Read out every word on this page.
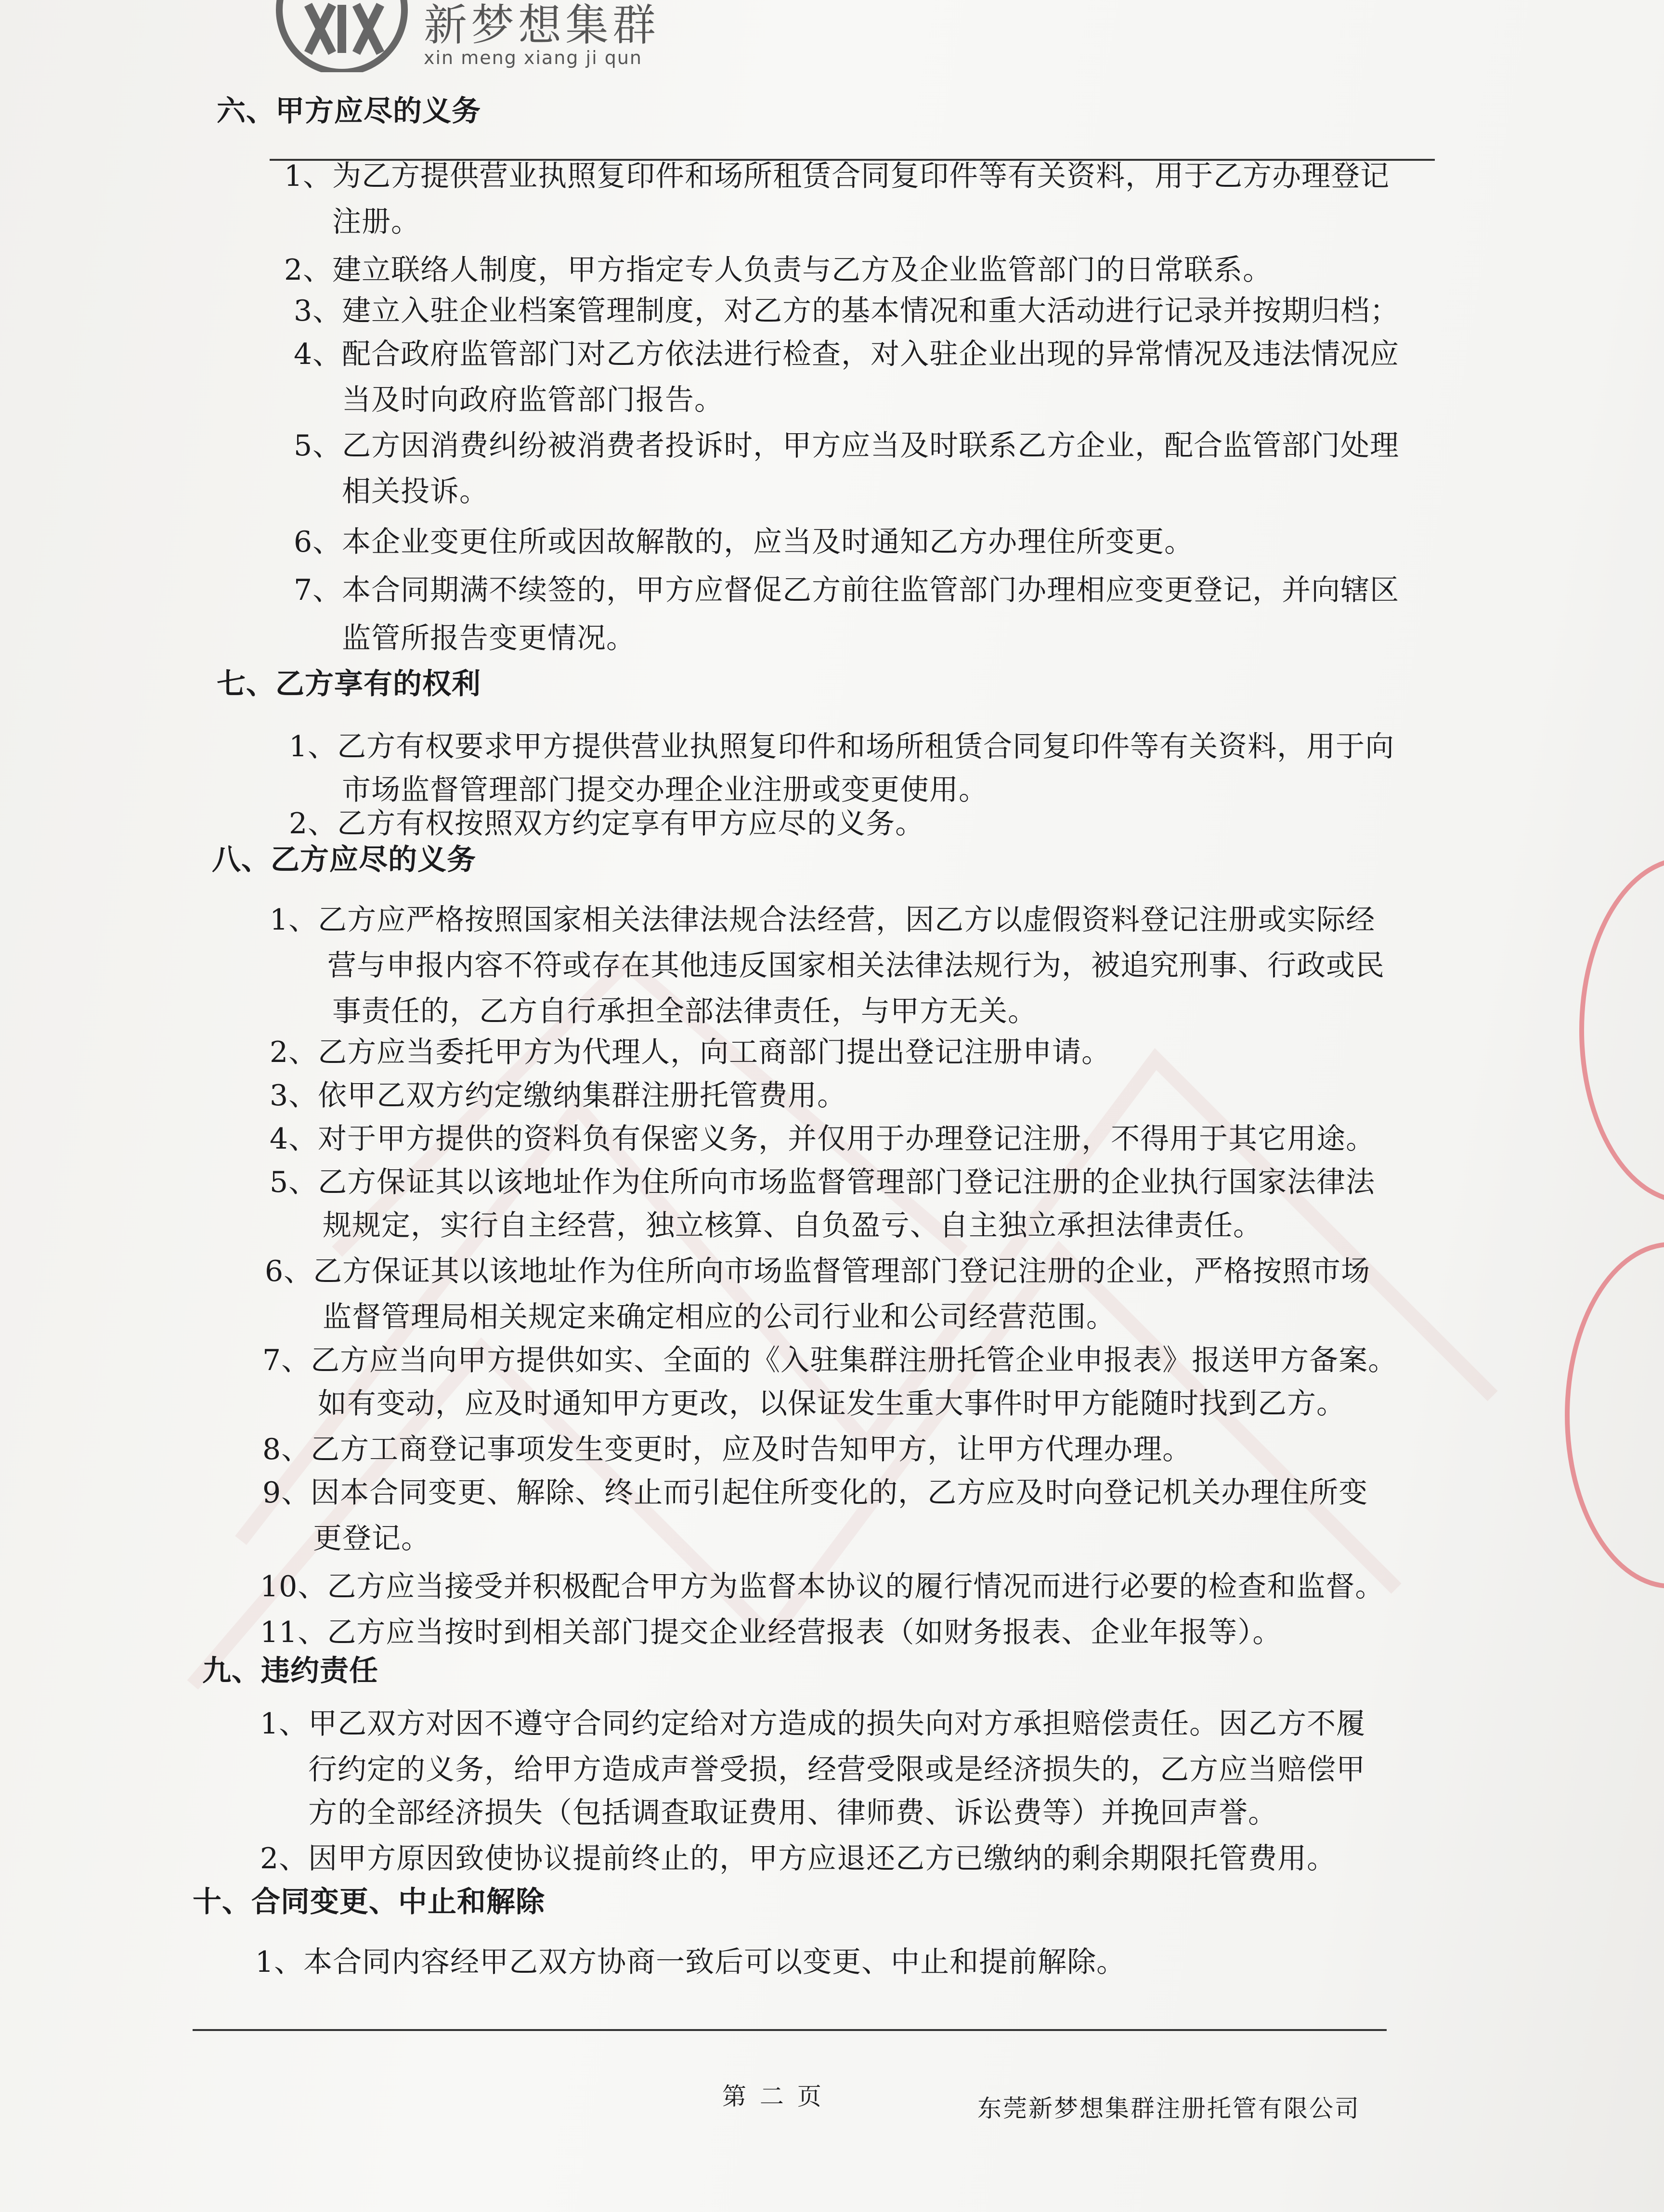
新梦想集群
xin meng xiang ji qun
六、甲方应尽的义务
1、为乙方提供营业执照复印件和场所租赁合同复印件等有关资料，用于乙方办理登记
注册。
2、建立联络人制度，甲方指定专人负责与乙方及企业监管部门的日常联系。
3、建立入驻企业档案管理制度，对乙方的基本情况和重大活动进行记录并按期归档；
4、配合政府监管部门对乙方依法进行检查，对入驻企业出现的异常情况及违法情况应
当及时向政府监管部门报告。
5、乙方因消费纠纷被消费者投诉时，甲方应当及时联系乙方企业，配合监管部门处理
相关投诉。
6、本企业变更住所或因故解散的，应当及时通知乙方办理住所变更。
7、本合同期满不续签的，甲方应督促乙方前往监管部门办理相应变更登记，并向辖区
监管所报告变更情况。
七、乙方享有的权利
1、乙方有权要求甲方提供营业执照复印件和场所租赁合同复印件等有关资料，用于向
市场监督管理部门提交办理企业注册或变更使用。
2、乙方有权按照双方约定享有甲方应尽的义务。
八、乙方应尽的义务
1、乙方应严格按照国家相关法律法规合法经营，因乙方以虚假资料登记注册或实际经
营与申报内容不符或存在其他违反国家相关法律法规行为，被追究刑事、行政或民
事责任的，乙方自行承担全部法律责任，与甲方无关。
2、乙方应当委托甲方为代理人，向工商部门提出登记注册申请。
3、依甲乙双方约定缴纳集群注册托管费用。
4、对于甲方提供的资料负有保密义务，并仅用于办理登记注册，不得用于其它用途。
5、乙方保证其以该地址作为住所向市场监督管理部门登记注册的企业执行国家法律法
规规定，实行自主经营，独立核算、自负盈亏、自主独立承担法律责任。
6、乙方保证其以该地址作为住所向市场监督管理部门登记注册的企业，严格按照市场
监督管理局相关规定来确定相应的公司行业和公司经营范围。
7、乙方应当向甲方提供如实、全面的《入驻集群注册托管企业申报表》报送甲方备案。
如有变动，应及时通知甲方更改，以保证发生重大事件时甲方能随时找到乙方。
8、乙方工商登记事项发生变更时，应及时告知甲方，让甲方代理办理。
9、因本合同变更、解除、终止而引起住所变化的，乙方应及时向登记机关办理住所变
更登记。
10、乙方应当接受并积极配合甲方为监督本协议的履行情况而进行必要的检查和监督。
11、乙方应当按时到相关部门提交企业经营报表（如财务报表、企业年报等）。
九、违约责任
1、甲乙双方对因不遵守合同约定给对方造成的损失向对方承担赔偿责任。因乙方不履
行约定的义务，给甲方造成声誉受损，经营受限或是经济损失的，乙方应当赔偿甲
方的全部经济损失（包括调查取证费用、律师费、诉讼费等）并挽回声誉。
2、因甲方原因致使协议提前终止的，甲方应退还乙方已缴纳的剩余期限托管费用。
十、合同变更、中止和解除
1、本合同内容经甲乙双方协商一致后可以变更、中止和提前解除。
第 二 页	东莞新梦想集群注册托管有限公司
